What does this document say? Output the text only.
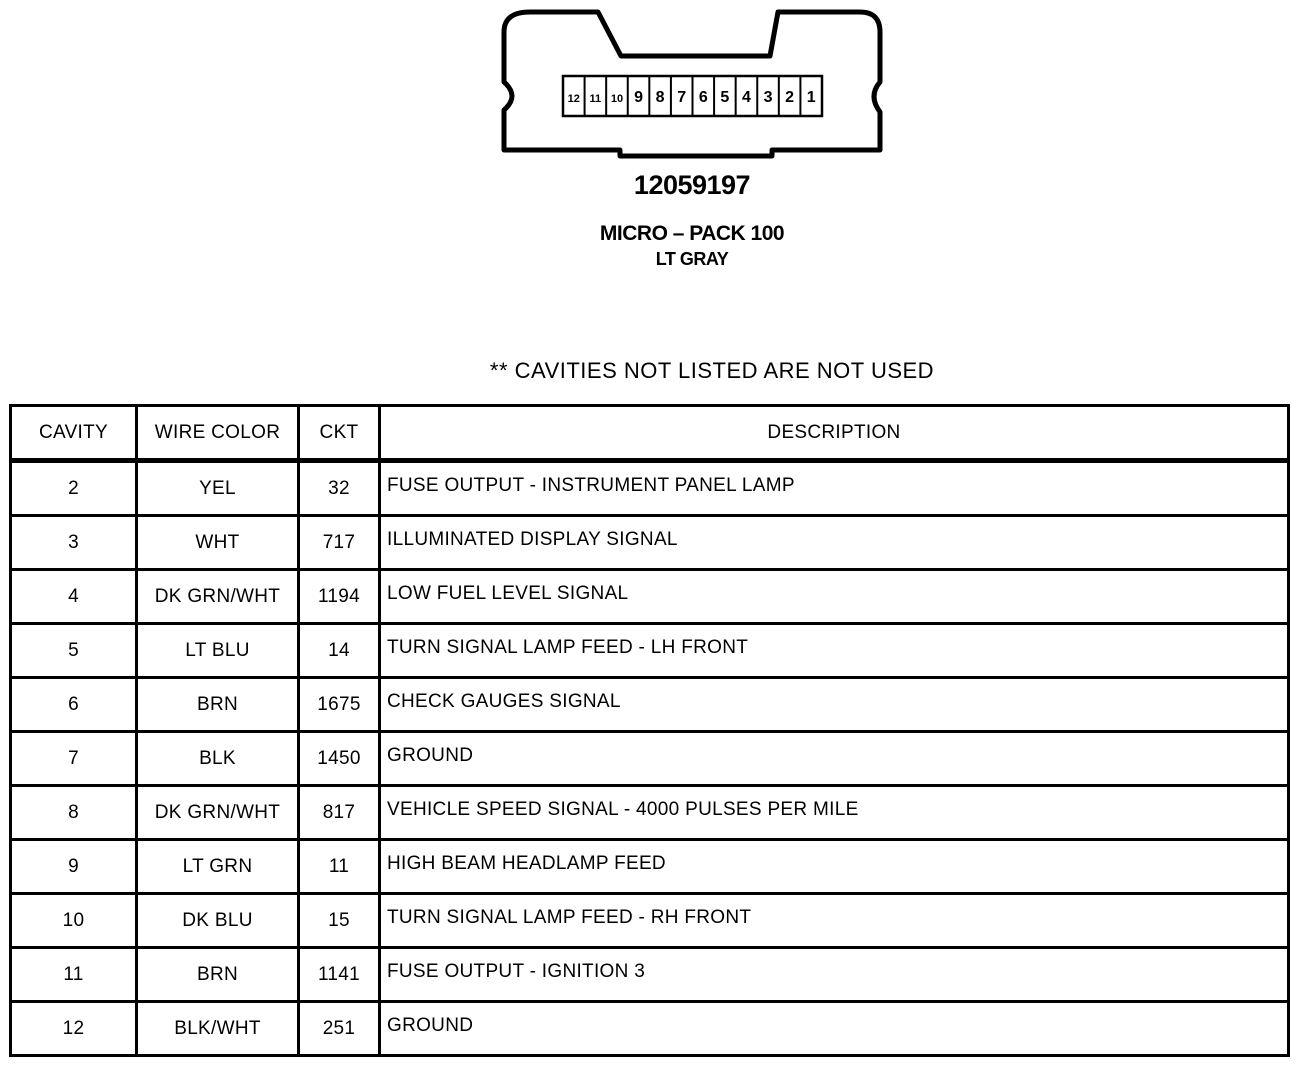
12 11 10 9 8 7 6 5 4 3 2 1
12059197
MICRO – PACK 100
LT GRAY
** CAVITIES NOT LISTED ARE NOT USED
CAVITY	WIRE COLOR	CKT	DESCRIPTION
2	YEL	32	FUSE OUTPUT - INSTRUMENT PANEL LAMP
3	WHT	717	ILLUMINATED DISPLAY SIGNAL
4	DK GRN/WHT	1194	LOW FUEL LEVEL SIGNAL
5	LT BLU	14	TURN SIGNAL LAMP FEED - LH FRONT
6	BRN	1675	CHECK GAUGES SIGNAL
7	BLK	1450	GROUND
8	DK GRN/WHT	817	VEHICLE SPEED SIGNAL - 4000 PULSES PER MILE
9	LT GRN	11	HIGH BEAM HEADLAMP FEED
10	DK BLU	15	TURN SIGNAL LAMP FEED - RH FRONT
11	BRN	1141	FUSE OUTPUT - IGNITION 3
12	BLK/WHT	251	GROUND
